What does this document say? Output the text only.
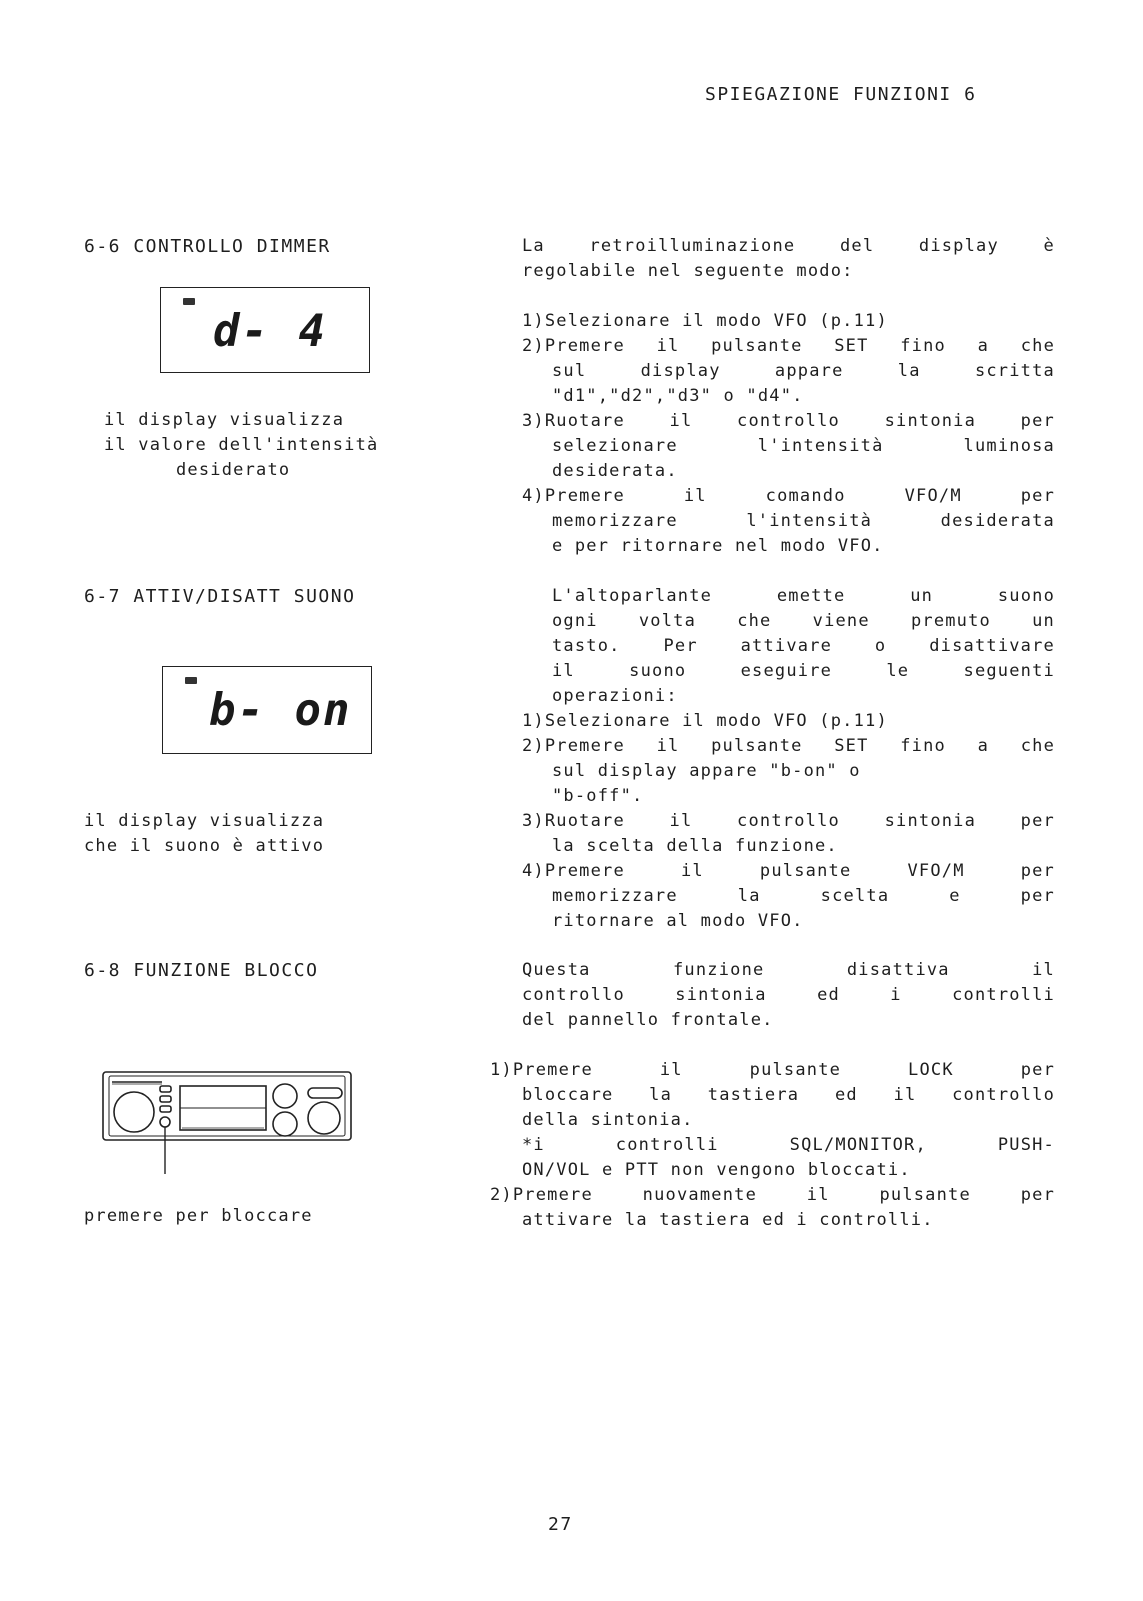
SPIEGAZIONE FUNZIONI 6
6-6 CONTROLLO DIMMER
d- 4
il display visualizza
il valore dell'intensità
desiderato
La retroilluminazione del display è
regolabile nel seguente modo:
1)Selezionare il modo VFO (p.11)
2)Premere il pulsante SET fino a che
sul display appare la scritta
"d1","d2","d3" o "d4".
3)Ruotare il controllo sintonia per
selezionare l'intensità luminosa
desiderata.
4)Premere il comando VFO/M per
memorizzare l'intensità desiderata
e per ritornare nel modo VFO.
6-7 ATTIV/DISATT SUONO
b- on
il display visualizza
che il suono è attivo
L'altoparlante emette un suono
ogni volta che viene premuto un
tasto. Per attivare o disattivare
il suono eseguire le seguenti
operazioni:
1)Selezionare il modo VFO (p.11)
2)Premere il pulsante SET fino a che
sul display appare "b-on" o
"b-off".
3)Ruotare il controllo sintonia per
la scelta della funzione.
4)Premere il pulsante VFO/M per
memorizzare la scelta e per
ritornare al modo VFO.
6-8 FUNZIONE BLOCCO
premere per bloccare
Questa funzione disattiva il
controllo sintonia ed i controlli
del pannello frontale.
1)Premere il pulsante LOCK per
bloccare la tastiera ed il controllo
della sintonia.
*i controlli SQL/MONITOR, PUSH-
ON/VOL e PTT non vengono bloccati.
2)Premere nuovamente il pulsante per
attivare la tastiera ed i controlli.
27
